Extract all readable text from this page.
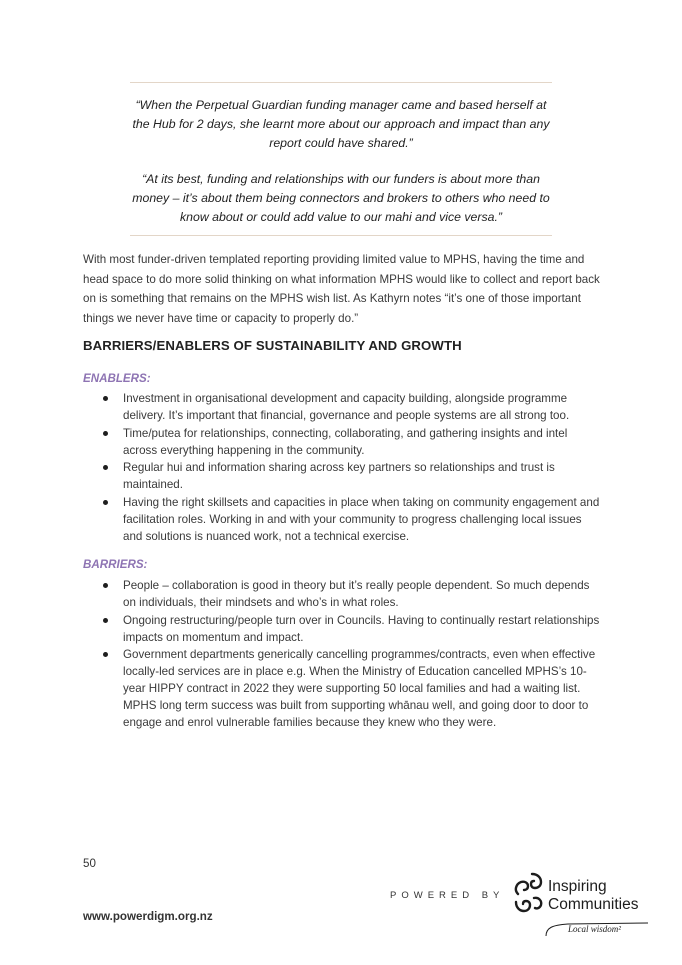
“When the Perpetual Guardian funding manager came and based herself at the Hub for 2 days, she learnt more about our approach and impact than any report could have shared.”

“At its best, funding and relationships with our funders is about more than money – it’s about them being connectors and brokers to others who need to know about or could add value to our mahi and vice versa.”

With most funder-driven templated reporting providing limited value to MPHS, having the time and head space to do more solid thinking on what information MPHS would like to collect and report back on is something that remains on the MPHS wish list. As Kathyrn notes “it’s one of those important things we never have time or capacity to properly do.”

BARRIERS/ENABLERS OF SUSTAINABILITY AND GROWTH
ENABLERS:
Investment in organisational development and capacity building, alongside programme delivery. It’s important that financial, governance and people systems are all strong too.
Time/putea for relationships, connecting, collaborating, and gathering insights and intel across everything happening in the community.
Regular hui and information sharing across key partners so relationships and trust is maintained.
Having the right skillsets and capacities in place when taking on community engagement and facilitation roles. Working in and with your community to progress challenging local issues and solutions is nuanced work, not a technical exercise.
BARRIERS:
People – collaboration is good in theory but it’s really people dependent. So much depends on individuals, their mindsets and who’s in what roles.
Ongoing restructuring/people turn over in Councils. Having to continually restart relationships impacts on momentum and impact.
Government departments generically cancelling programmes/contracts, even when effective locally-led services are in place e.g. When the Ministry of Education cancelled MPHS’s 10-year HIPPY contract in 2022 they were supporting 50 local families and had a waiting list. MPHS long term success was built from supporting whānau well, and going door to door to engage and enrol vulnerable families because they knew who they were.
50
www.powerdigm.org.nz
POWERED BY
Inspiring
Communities
Local wisdom²
